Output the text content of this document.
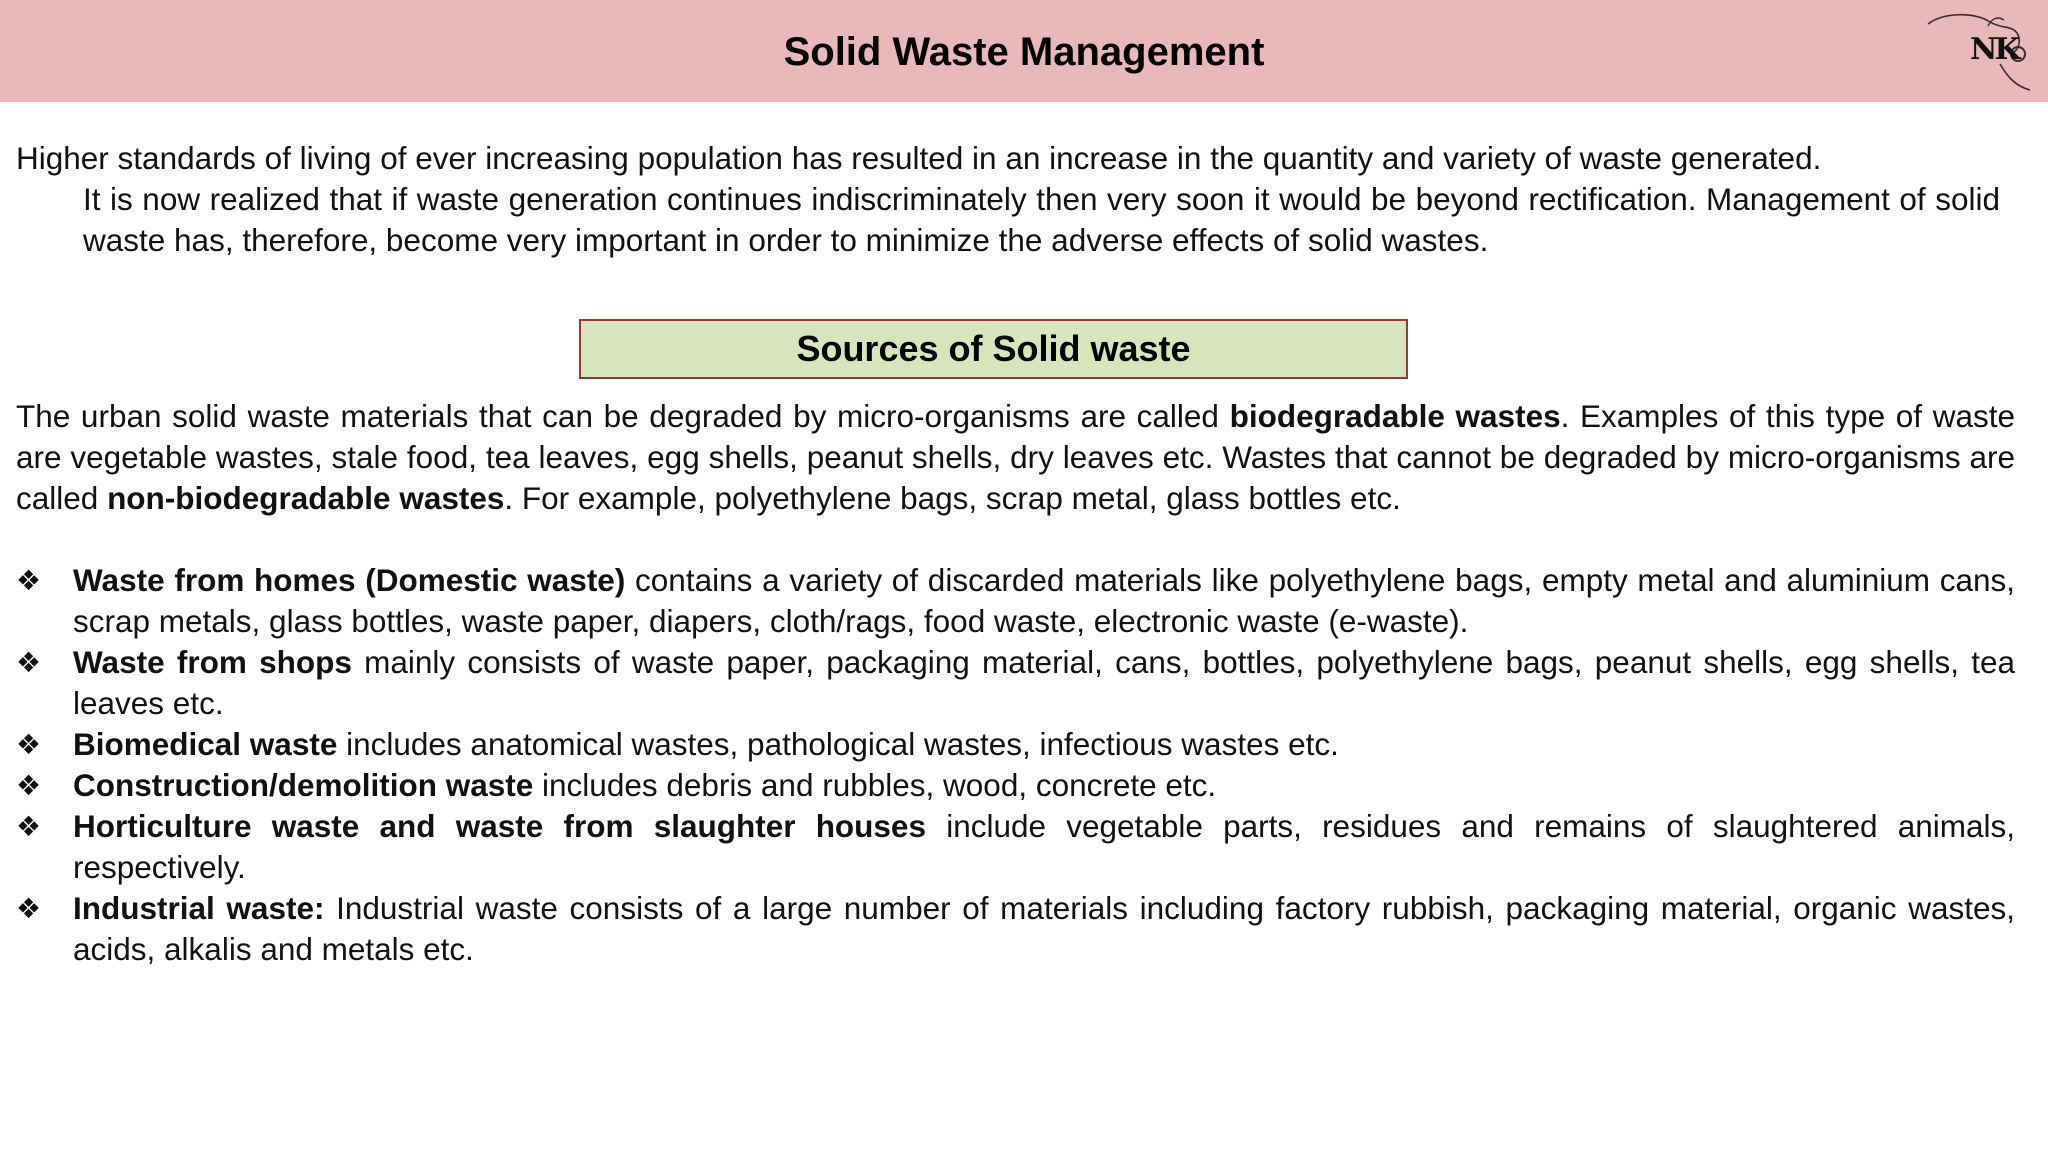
Solid Waste Management	NK

Higher standards of living of ever increasing population has resulted in an increase in the quantity and variety of waste generated.
It is now realized that if waste generation continues indiscriminately then very soon it would be beyond rectification. Management of solid waste has, therefore, become very important in order to minimize the adverse effects of solid wastes.

Sources of Solid waste

The urban solid waste materials that can be degraded by micro-organisms are called biodegradable wastes. Examples of this type of waste are vegetable wastes, stale food, tea leaves, egg shells, peanut shells, dry leaves etc. Wastes that cannot be degraded by micro-organisms are called non-biodegradable wastes. For example, polyethylene bags, scrap metal, glass bottles etc.

❖ Waste from homes (Domestic waste) contains a variety of discarded materials like polyethylene bags, empty metal and aluminium cans, scrap metals, glass bottles, waste paper, diapers, cloth/rags, food waste, electronic waste (e-waste).
❖ Waste from shops mainly consists of waste paper, packaging material, cans, bottles, polyethylene bags, peanut shells, egg shells, tea leaves etc.
❖ Biomedical waste includes anatomical wastes, pathological wastes, infectious wastes etc.
❖ Construction/demolition waste includes debris and rubbles, wood, concrete etc.
❖ Horticulture waste and waste from slaughter houses include vegetable parts, residues and remains of slaughtered animals, respectively.
❖ Industrial waste: Industrial waste consists of a large number of materials including factory rubbish, packaging material, organic wastes, acids, alkalis and metals etc.
